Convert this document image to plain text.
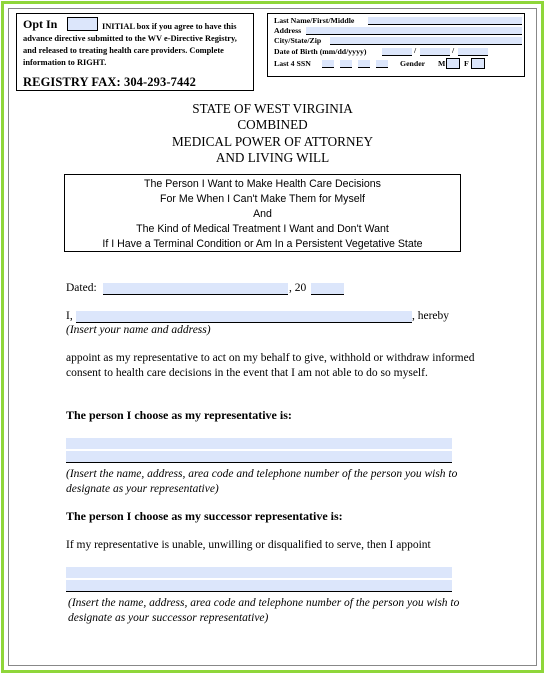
Opt In	INITIAL box if you agree to have this advance directive submitted to the WV e-Directive Registry, and released to treating health care providers. Complete information to RIGHT.
REGISTRY FAX: 304-293-7442
Last Name/First/Middle
Address
City/State/Zip
Date of Birth (mm/dd/yyyy)	/	/
Last 4 SSN	Gender M F
STATE OF WEST VIRGINIA
COMBINED
MEDICAL POWER OF ATTORNEY
AND LIVING WILL
The Person I Want to Make Health Care Decisions
For Me When I Can't Make Them for Myself
And
The Kind of Medical Treatment I Want and Don't Want
If I Have a Terminal Condition or Am In a Persistent Vegetative State
Dated:	, 20
I,	, hereby
(Insert your name and address)
appoint as my representative to act on my behalf to give, withhold or withdraw informed consent to health care decisions in the event that I am not able to do so myself.
The person I choose as my representative is:
(Insert the name, address, area code and telephone number of the person you wish to designate as your representative)
The person I choose as my successor representative is:
If my representative is unable, unwilling or disqualified to serve, then I appoint
(Insert the name, address, area code and telephone number of the person you wish to designate as your successor representative)
